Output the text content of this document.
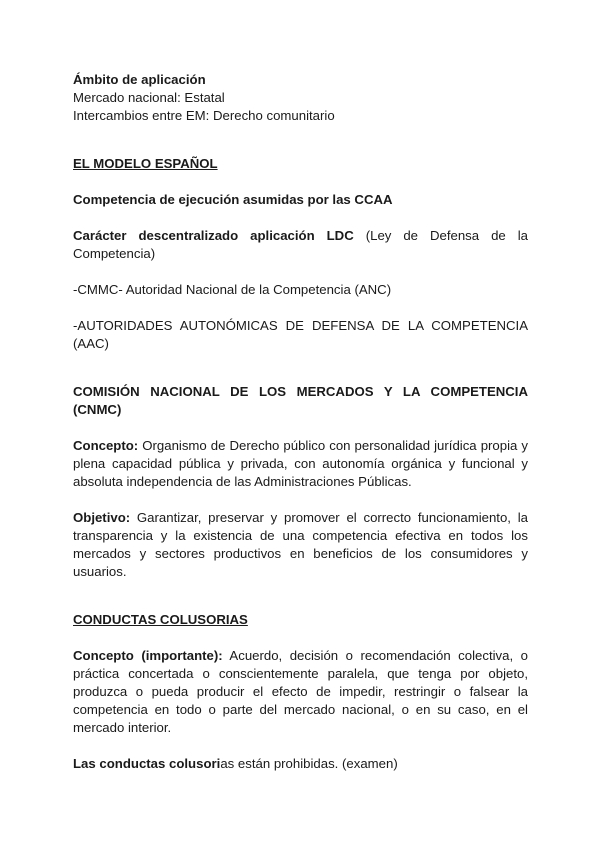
Ámbito de aplicación

Mercado nacional: Estatal

Intercambios entre EM: Derecho comunitario

EL MODELO ESPAÑOL

Competencia de ejecución asumidas por las CCAA

Carácter descentralizado aplicación LDC (Ley de Defensa de la Competencia)

-CMMC- Autoridad Nacional de la Competencia (ANC)

-AUTORIDADES AUTONÓMICAS DE DEFENSA DE LA COMPETENCIA (AAC)

COMISIÓN NACIONAL DE LOS MERCADOS Y LA COMPETENCIA (CNMC)

Concepto: Organismo de Derecho público con personalidad jurídica propia y plena capacidad pública y privada, con autonomía orgánica y funcional y absoluta independencia de las Administraciones Públicas.

Objetivo: Garantizar, preservar y promover el correcto funcionamiento, la transparencia y la existencia de una competencia efectiva en todos los mercados y sectores productivos en beneficios de los consumidores y usuarios.

CONDUCTAS COLUSORIAS

Concepto (importante): Acuerdo, decisión o recomendación colectiva, o práctica concertada o conscientemente paralela, que tenga por objeto, produzca o pueda producir el efecto de impedir, restringir o falsear la competencia en todo o parte del mercado nacional, o en su caso, en el mercado interior.

Las conductas colusorias están prohibidas. (examen)
